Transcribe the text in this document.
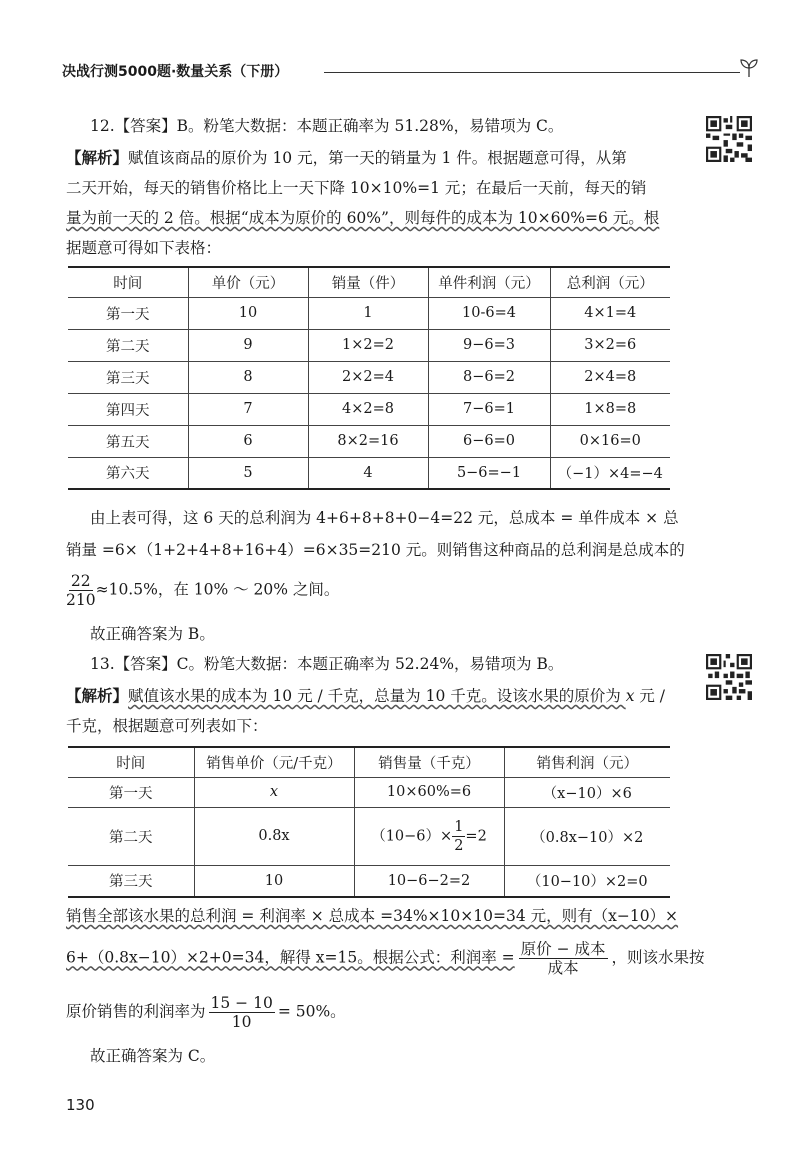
决战行测5000题·数量关系（下册）
12.【答案】B。粉笔大数据：本题正确率为 51.28%，易错项为 C。
【解析】赋值该商品的原价为 10 元，第一天的销量为 1 件。根据题意可得，从第
二天开始，每天的销售价格比上一天下降 10×10%=1 元；在最后一天前，每天的销
量为前一天的 2 倍。根据“成本为原价的 60%”，则每件的成本为 10×60%=6 元。根
据题意可得如下表格：
时间	单价（元）	销量（件）	单件利润（元）	总利润（元）
第一天	10	1	10-6=4	4×1=4
第二天	9	1×2=2	9−6=3	3×2=6
第三天	8	2×2=4	8−6=2	2×4=8
第四天	7	4×2=8	7−6=1	1×8=8
第五天	6	8×2=16	6−6=0	0×16=0
第六天	5	4	5−6=−1	（−1）×4=−4
由上表可得，这 6 天的总利润为 4+6+8+8+0−4=22 元，总成本 = 单件成本 × 总
销量 =6×（1+2+4+8+16+4）=6×35=210 元。则销售这种商品的总利润是总成本的
$\frac{22}{210} \approx 10.5\%$，在 10% ～ 20% 之间。
故正确答案为 B。
13.【答案】C。粉笔大数据：本题正确率为 52.24%，易错项为 B。
【解析】赋值该水果的成本为 10 元 / 千克，总量为 10 千克。设该水果的原价为 x 元 /
千克，根据题意可列表如下：
时间	销售单价（元/千克）	销售量（千克）	销售利润（元）
第一天	x	10×60%=6	（x−10）×6
第二天	0.8x	$(10-6)\times \frac{1}{2} =2$	（0.8x−10）×2
第三天	10	10−6−2=2	（10−10）×2=0
销售全部该水果的总利润 = 利润率 × 总成本 =34%×10×10=34 元，则有（x−10）×
6+（0.8x−10）×2+0=34，解得 x=15。根据公式：利润率 = $\frac{\text{原价 − 成本}}{\text{成本}}$ ，则该水果按
原价销售的利润率为 $\frac{15 - 10}{10} = 50\%$。
故正确答案为 C。
130
